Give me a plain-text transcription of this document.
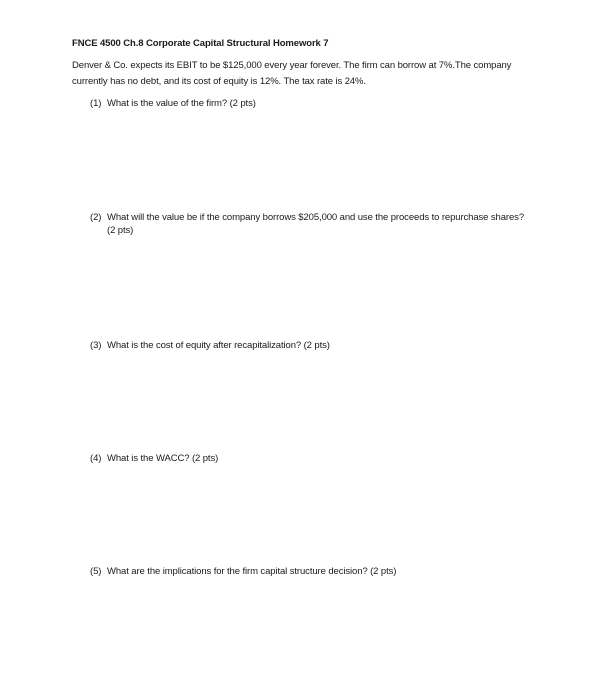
FNCE 4500 Ch.8 Corporate Capital Structural Homework 7
Denver & Co. expects its EBIT to be $125,000 every year forever. The firm can borrow at 7%.The company
currently has no debt, and its cost of equity is 12%. The tax rate is 24%.
(1) What is the value of the firm? (2 pts)
(2) What will the value be if the company borrows $205,000 and use the proceeds to repurchase shares? (2 pts)
(3) What is the cost of equity after recapitalization? (2 pts)
(4) What is the WACC? (2 pts)
(5) What are the implications for the firm capital structure decision? (2 pts)
